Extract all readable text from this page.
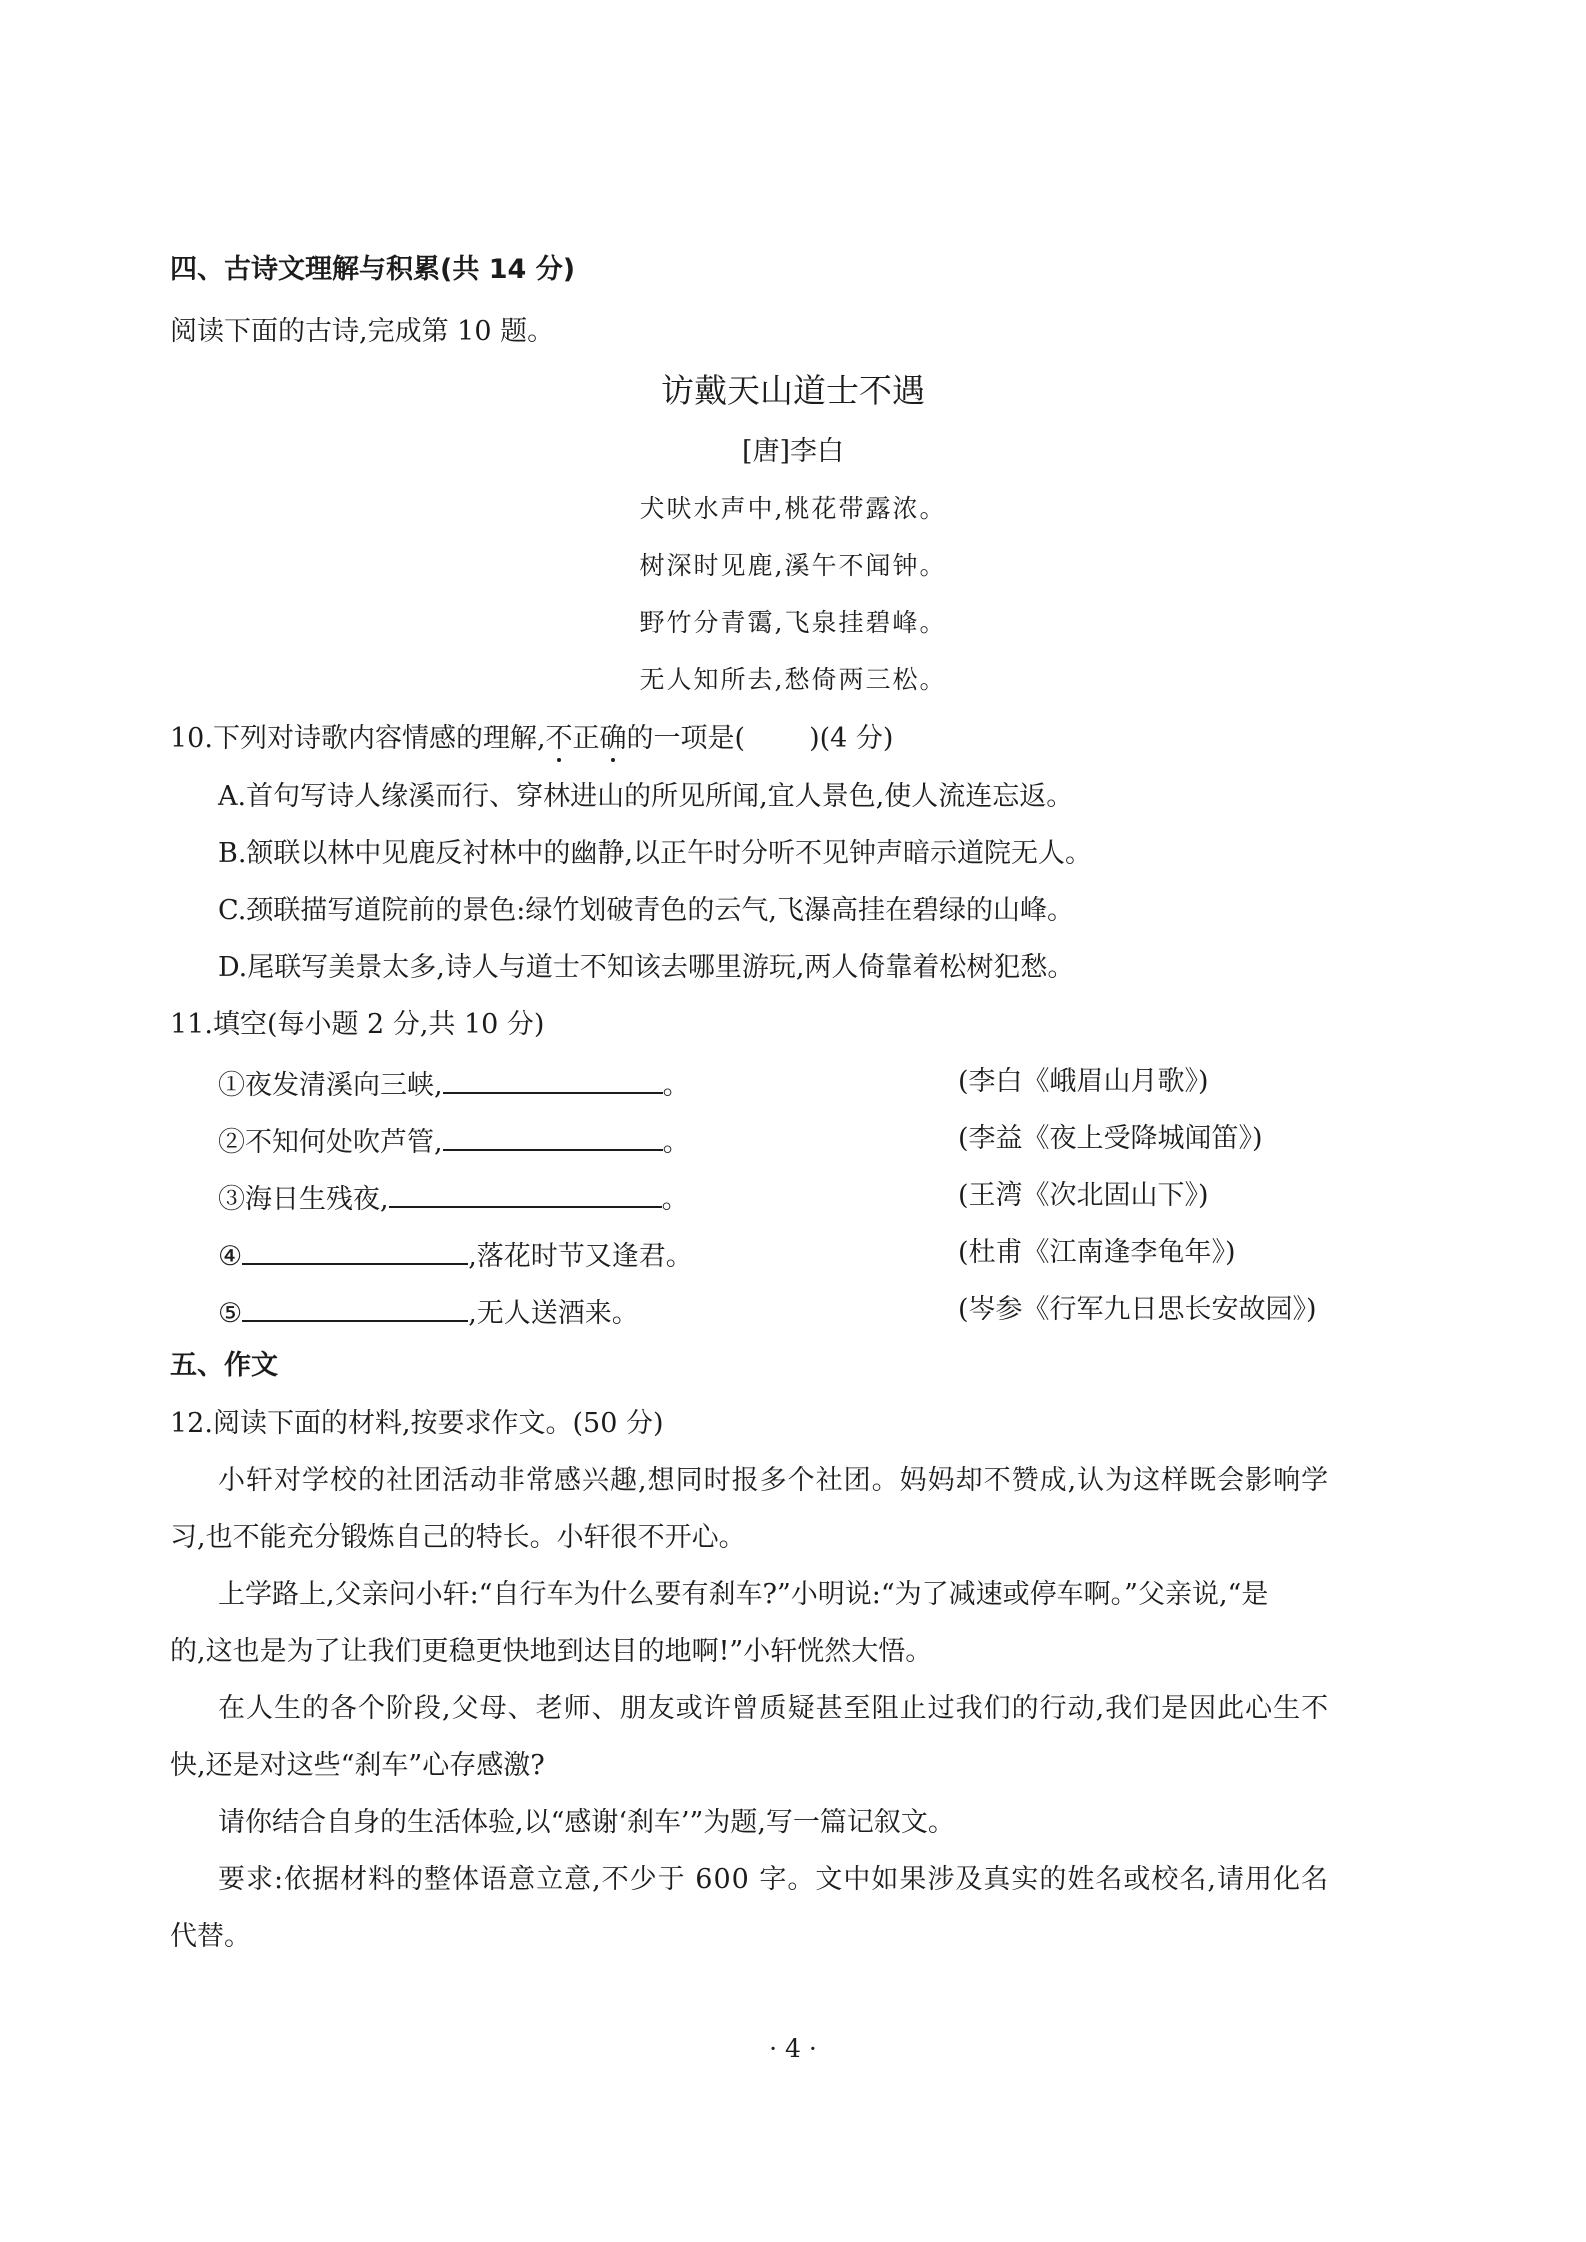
四、古诗文理解与积累(共 14 分)
阅读下面的古诗,完成第 10 题。
访戴天山道士不遇
[唐]李白
犬吠水声中,桃花带露浓。
树深时见鹿,溪午不闻钟。
野竹分青霭,飞泉挂碧峰。
无人知所去,愁倚两三松。
10.下列对诗歌内容情感的理解,不正确的一项是( )(4 分)
A.首句写诗人缘溪而行、穿林进山的所见所闻,宜人景色,使人流连忘返。
B.颔联以林中见鹿反衬林中的幽静,以正午时分听不见钟声暗示道院无人。
C.颈联描写道院前的景色:绿竹划破青色的云气,飞瀑高挂在碧绿的山峰。
D.尾联写美景太多,诗人与道士不知该去哪里游玩,两人倚靠着松树犯愁。
11.填空(每小题 2 分,共 10 分)
①夜发清溪向三峡,	。	(李白《峨眉山月歌》)
②不知何处吹芦管,	。	(李益《夜上受降城闻笛》)
③海日生残夜,	。	(王湾《次北固山下》)
④	,落花时节又逢君。	(杜甫《江南逢李龟年》)
⑤	,无人送酒来。	(岑参《行军九日思长安故园》)
五、作文
12.阅读下面的材料,按要求作文。(50 分)
小轩对学校的社团活动非常感兴趣,想同时报多个社团。妈妈却不赞成,认为这样既会影响学
习,也不能充分锻炼自己的特长。小轩很不开心。
上学路上,父亲问小轩:“自行车为什么要有刹车?”小明说:“为了减速或停车啊。”父亲说,“是
的,这也是为了让我们更稳更快地到达目的地啊!”小轩恍然大悟。
在人生的各个阶段,父母、老师、朋友或许曾质疑甚至阻止过我们的行动,我们是因此心生不
快,还是对这些“刹车”心存感激?
请你结合自身的生活体验,以“感谢‘刹车’”为题,写一篇记叙文。
要求:依据材料的整体语意立意,不少于 600 字。文中如果涉及真实的姓名或校名,请用化名
代替。
· 4 ·
